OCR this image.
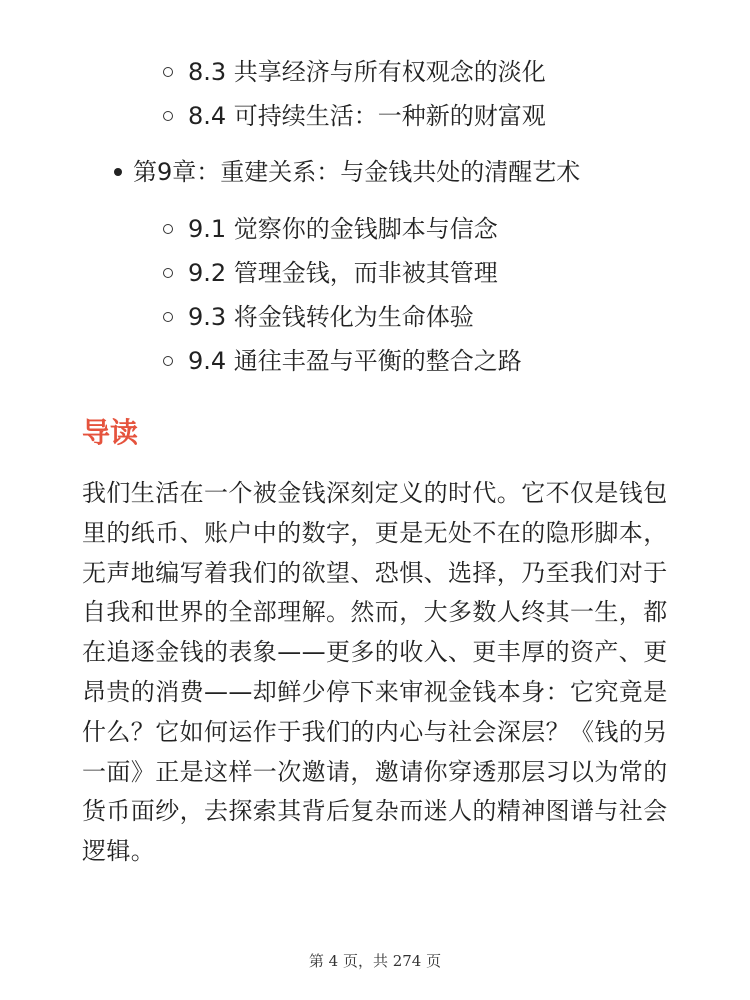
8.3 共享经济与所有权观念的淡化
8.4 可持续生活：一种新的财富观
第9章：重建关系：与金钱共处的清醒艺术
9.1 觉察你的金钱脚本与信念
9.2 管理金钱，而非被其管理
9.3 将金钱转化为生命体验
9.4 通往丰盈与平衡的整合之路
导读

我们生活在一个被金钱深刻定义的时代。它不仅是钱包里的纸币、账户中的数字，更是无处不在的隐形脚本，无声地编写着我们的欲望、恐惧、选择，乃至我们对于自我和世界的全部理解。然而，大多数人终其一生，都在追逐金钱的表象——更多的收入、更丰厚的资产、更昂贵的消费——却鲜少停下来审视金钱本身：它究竟是什么？它如何运作于我们的内心与社会深层？《钱的另一面》正是这样一次邀请，邀请你穿透那层习以为常的货币面纱，去探索其背后复杂而迷人的精神图谱与社会逻辑。

第 4 页，共 274 页
